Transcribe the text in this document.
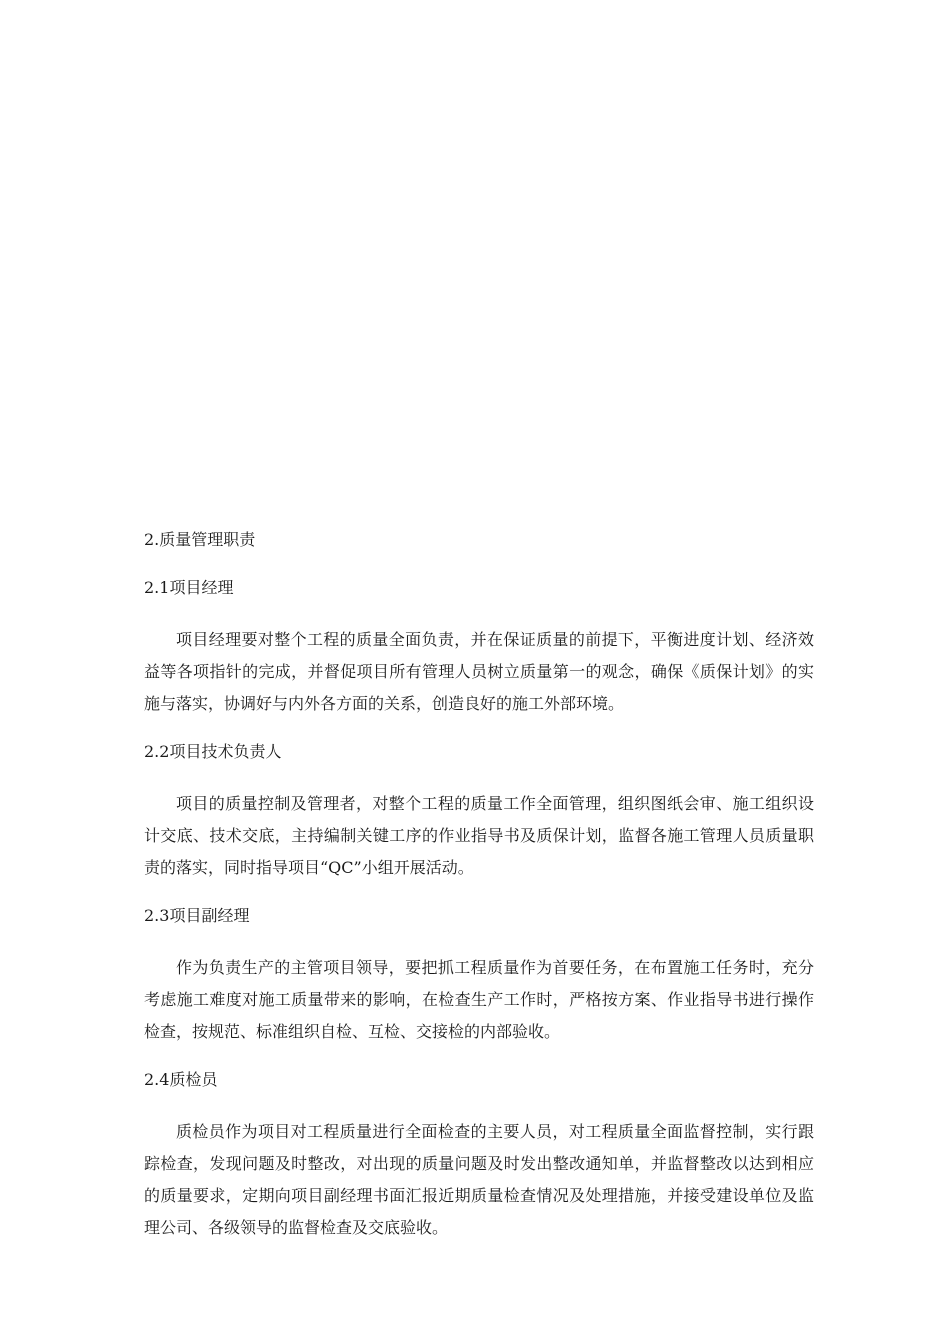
2.质量管理职责
2.1项目经理

项目经理要对整个工程的质量全面负责，并在保证质量的前提下，平衡进度计划、经济效益等各项指针的完成，并督促项目所有管理人员树立质量第一的观念，确保《质保计划》的实施与落实，协调好与内外各方面的关系，创造良好的施工外部环境。

2.2项目技术负责人

项目的质量控制及管理者，对整个工程的质量工作全面管理，组织图纸会审、施工组织设计交底、技术交底，主持编制关键工序的作业指导书及质保计划，监督各施工管理人员质量职责的落实，同时指导项目“QC”小组开展活动。

2.3项目副经理

作为负责生产的主管项目领导，要把抓工程质量作为首要任务，在布置施工任务时，充分考虑施工难度对施工质量带来的影响，在检查生产工作时，严格按方案、作业指导书进行操作检查，按规范、标准组织自检、互检、交接检的内部验收。

2.4质检员

质检员作为项目对工程质量进行全面检查的主要人员，对工程质量全面监督控制，实行跟踪检查，发现问题及时整改，对出现的质量问题及时发出整改通知单，并监督整改以达到相应的质量要求，定期向项目副经理书面汇报近期质量检查情况及处理措施，并接受建设单位及监理公司、各级领导的监督检查及交底验收。
